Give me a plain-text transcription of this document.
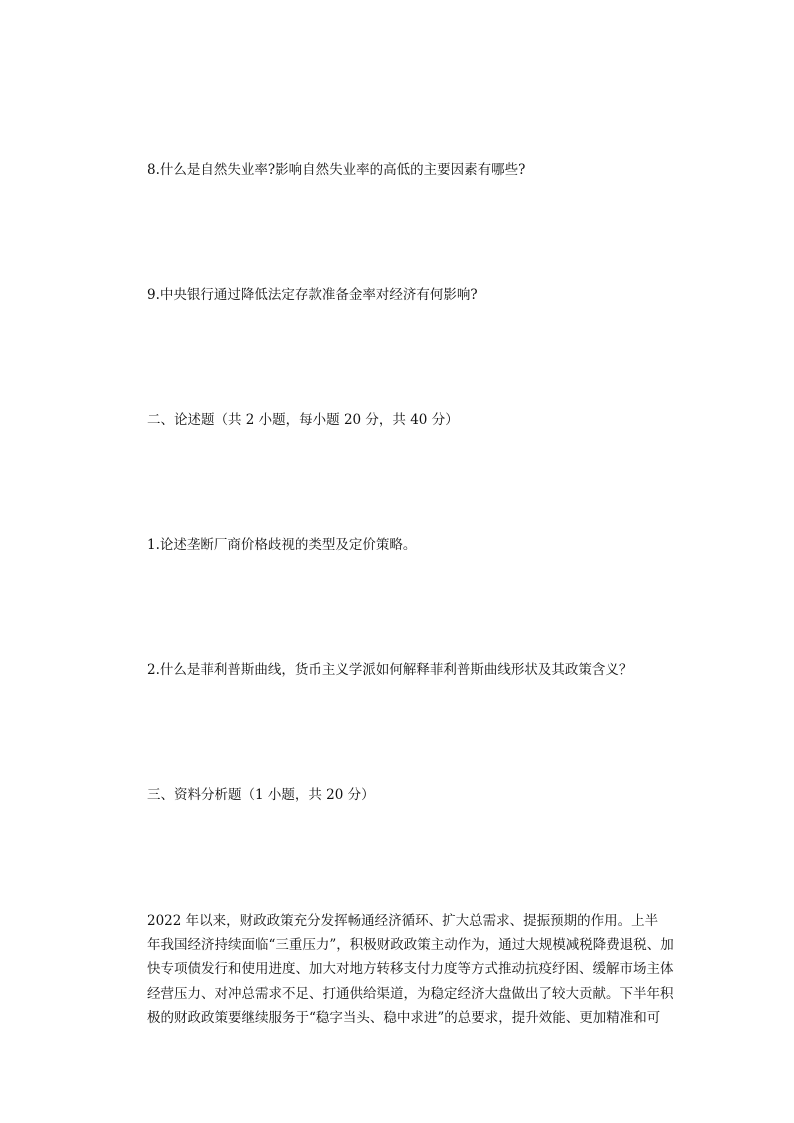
8.什么是自然失业率?影响自然失业率的高低的主要因素有哪些?
9.中央银行通过降低法定存款准备金率对经济有何影响?
二、论述题（共 2 小题，每小题 20 分，共 40 分）
1.论述垄断厂商价格歧视的类型及定价策略。
2.什么是菲利普斯曲线，货币主义学派如何解释菲利普斯曲线形状及其政策含义？
三、资料分析题（1 小题，共 20 分）
2022 年以来，财政政策充分发挥畅通经济循环、扩大总需求、提振预期的作用。上半
年我国经济持续面临“三重压力”，积极财政政策主动作为，通过大规模减税降费退税、加
快专项债发行和使用进度、加大对地方转移支付力度等方式推动抗疫纾困、缓解市场主体
经营压力、对冲总需求不足、打通供给渠道，为稳定经济大盘做出了较大贡献。下半年积
极的财政政策要继续服务于“稳字当头、稳中求进”的总要求，提升效能、更加精准和可
